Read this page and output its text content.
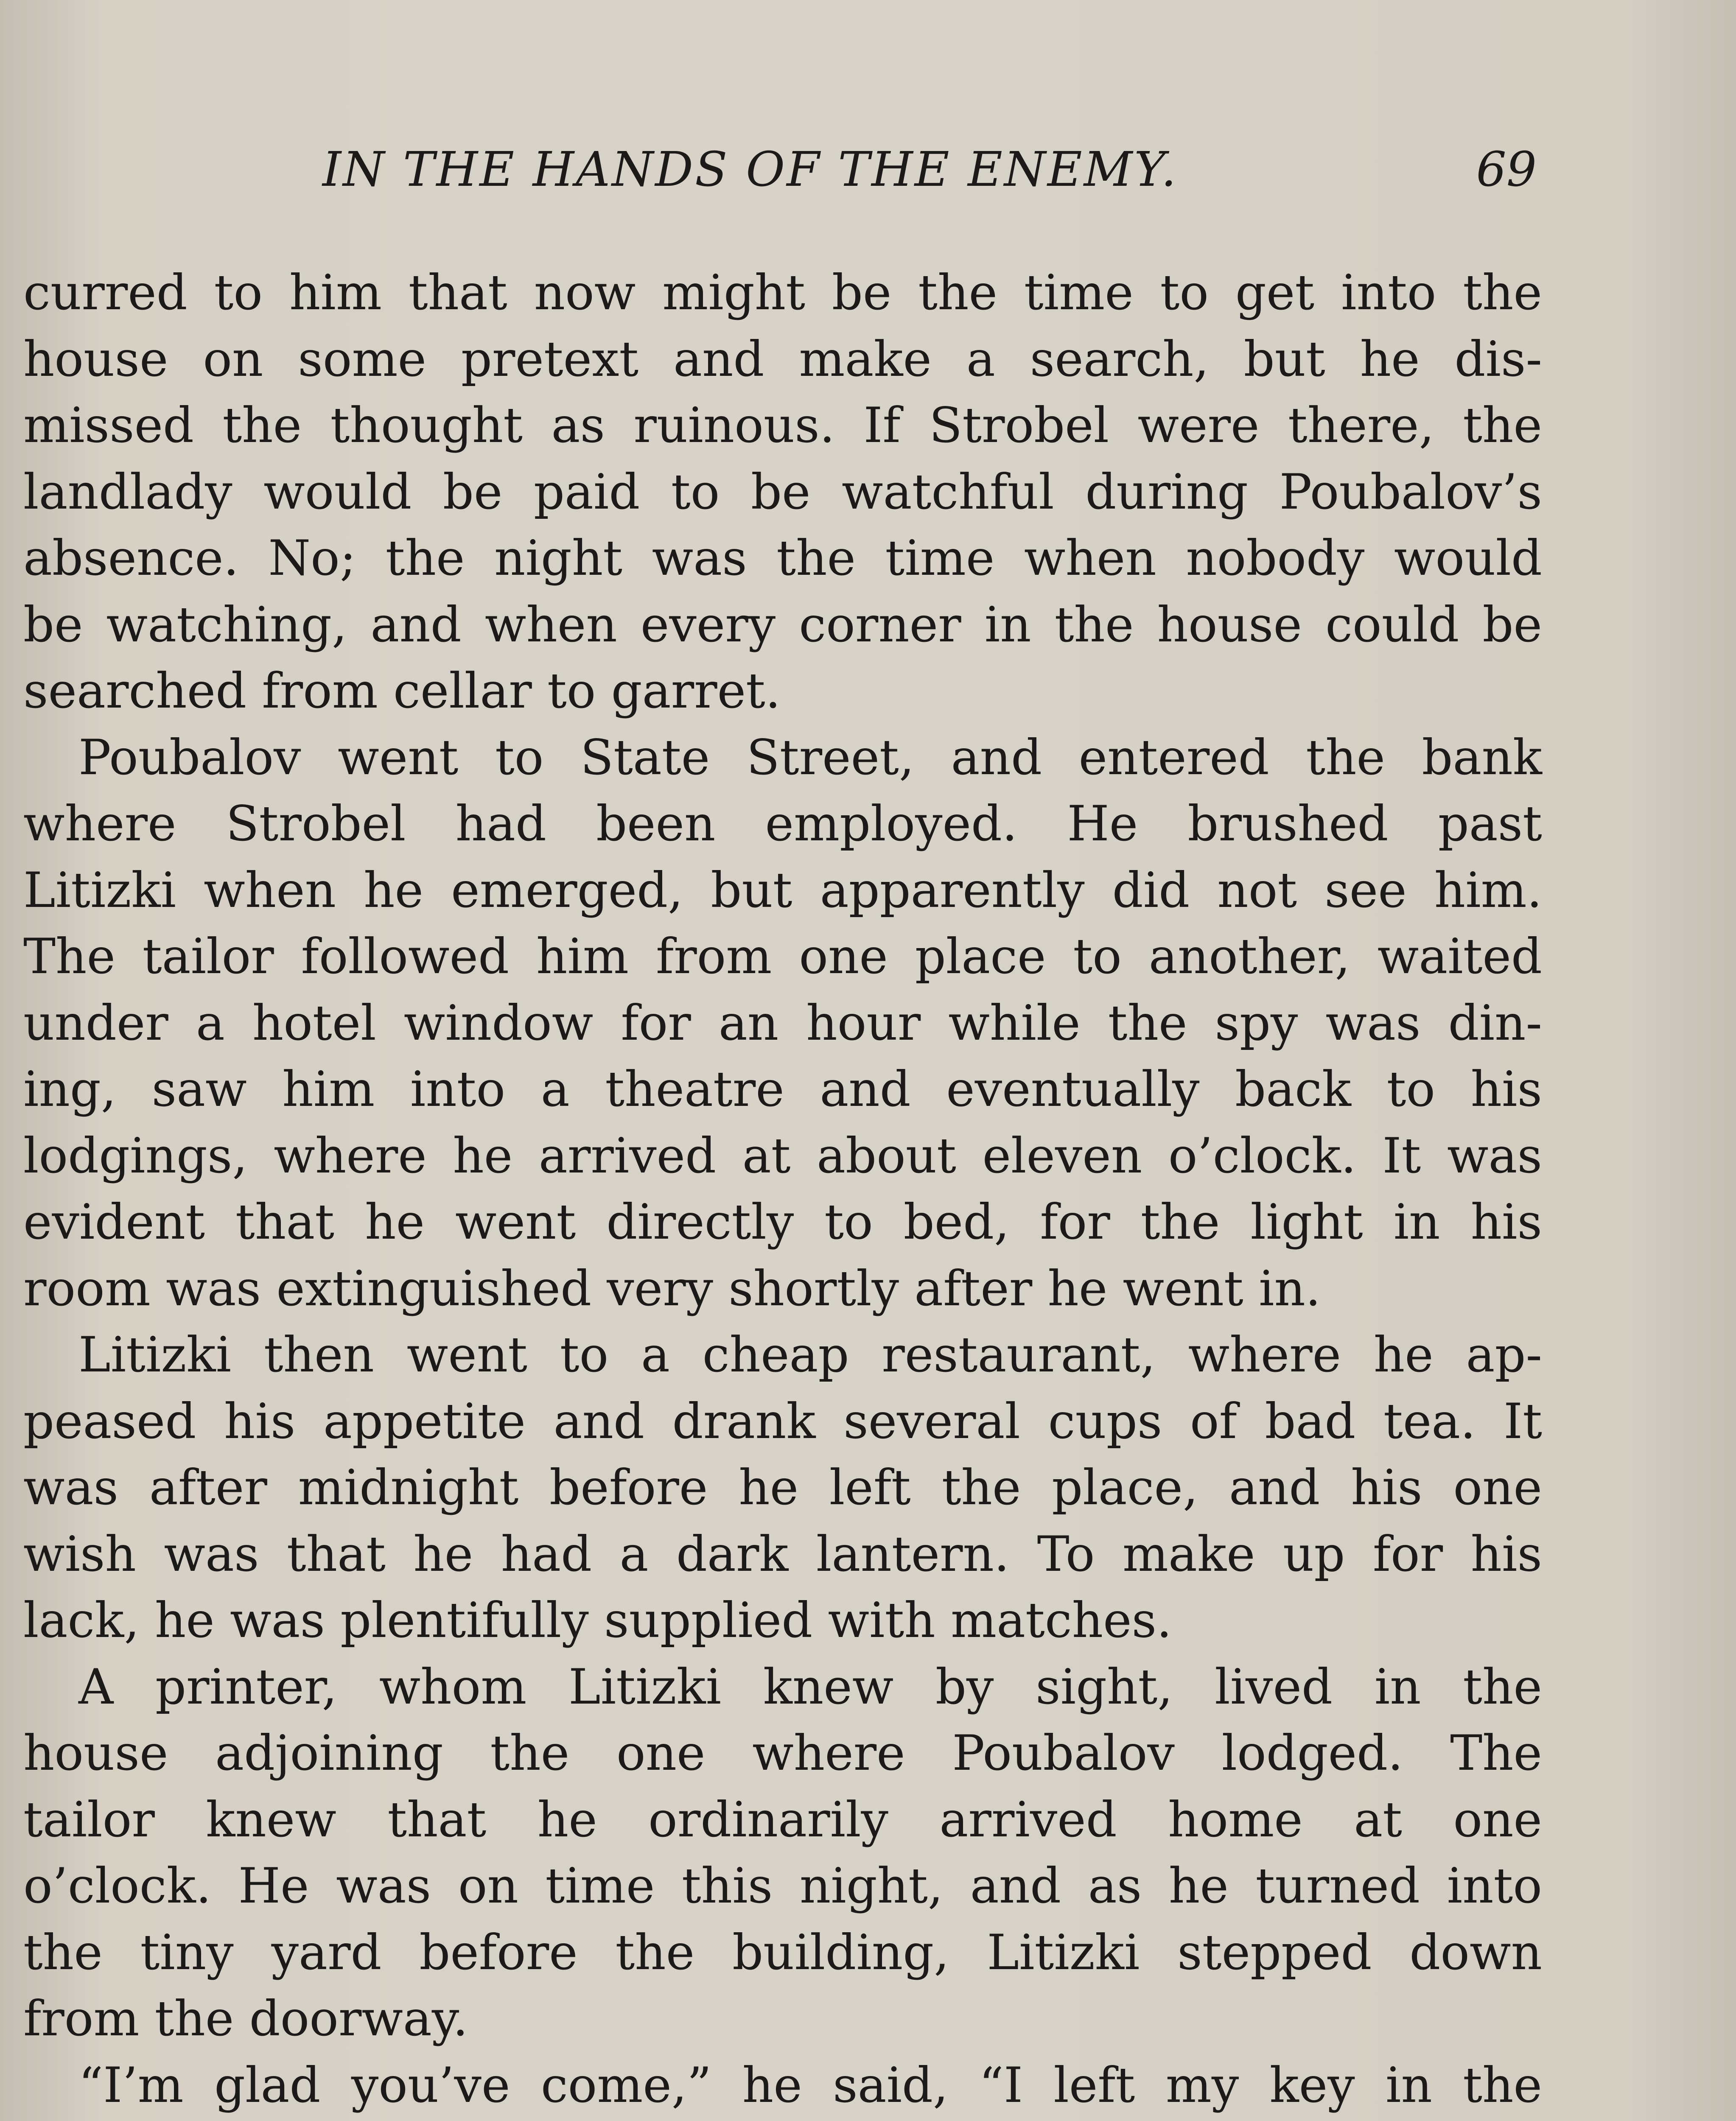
IN THE HANDS OF THE ENEMY.	69
curred to him that now might be the time to get into the
house on some pretext and make a search, but he dis-
missed the thought as ruinous. If Strobel were there, the
landlady would be paid to be watchful during Poubalov’s
absence. No; the night was the time when nobody would
be watching, and when every corner in the house could be
searched from cellar to garret.
Poubalov went to State Street, and entered the bank
where Strobel had been employed. He brushed past
Litizki when he emerged, but apparently did not see him.
The tailor followed him from one place to another, waited
under a hotel window for an hour while the spy was din-
ing, saw him into a theatre and eventually back to his
lodgings, where he arrived at about eleven o’clock. It was
evident that he went directly to bed, for the light in his
room was extinguished very shortly after he went in.
Litizki then went to a cheap restaurant, where he ap-
peased his appetite and drank several cups of bad tea. It
was after midnight before he left the place, and his one
wish was that he had a dark lantern. To make up for his
lack, he was plentifully supplied with matches.
A printer, whom Litizki knew by sight, lived in the
house adjoining the one where Poubalov lodged. The
tailor knew that he ordinarily arrived home at one
o’clock. He was on time this night, and as he turned into
the tiny yard before the building, Litizki stepped down
from the doorway.
“I’m glad you’ve come,” he said, “I left my key in the
